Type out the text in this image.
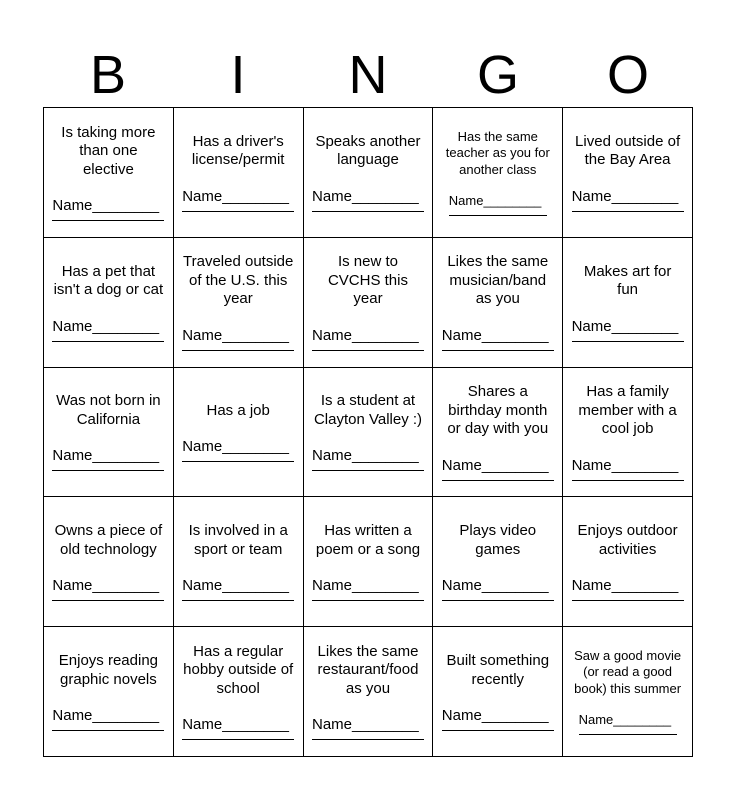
B	I	N	G	O
Is taking more
than one
elective
Name________
Has a driver's
license/permit
Name________
Speaks another
language
Name________
Has the same
teacher as you for
another class
Name________
Lived outside of
the Bay Area
Name________
Has a pet that
isn't a dog or cat
Name________
Traveled outside
of the U.S. this
year
Name________
Is new to
CVCHS this
year
Name________
Likes the same
musician/band
as you
Name________
Makes art for
fun
Name________
Was not born in
California
Name________
Has a job
Name________
Is a student at
Clayton Valley :)
Name________
Shares a
birthday month
or day with you
Name________
Has a family
member with a
cool job
Name________
Owns a piece of
old technology
Name________
Is involved in a
sport or team
Name________
Has written a
poem or a song
Name________
Plays video
games
Name________
Enjoys outdoor
activities
Name________
Enjoys reading
graphic novels
Name________
Has a regular
hobby outside of
school
Name________
Likes the same
restaurant/food
as you
Name________
Built something
recently
Name________
Saw a good movie
(or read a good
book) this summer
Name________
